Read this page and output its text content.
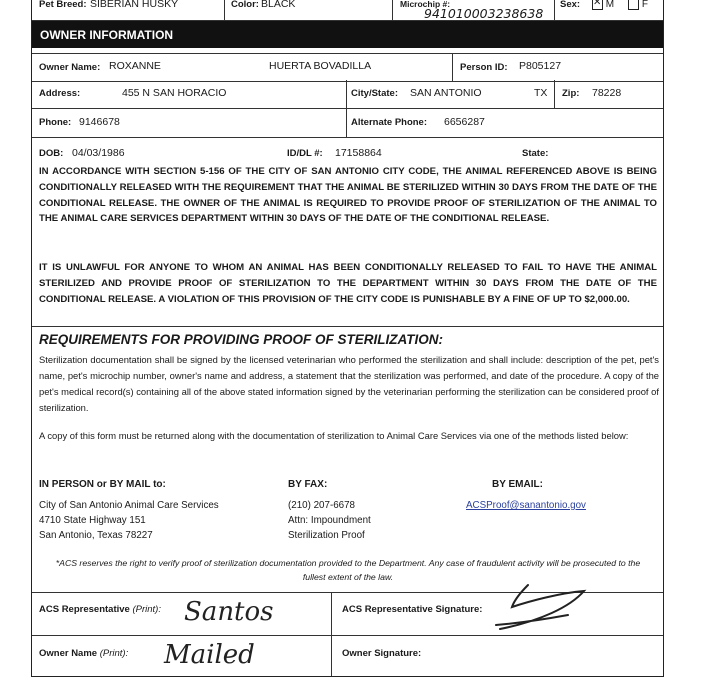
Pet Breed: SIBERIAN HUSKY	Color: BLACK	Microchip #:
941010003238638
Sex:
✕	M	F
OWNER INFORMATION
Owner Name: ROXANNE	HUERTA BOVADILLA	Person ID: P805127
Address:	455 N SAN HORACIO	City/State: SAN ANTONIO	TX Zip: 78228
Phone: 9146678	Alternate Phone: 6656287
DOB: 04/03/1986	ID/DL #: 17158864	State:
IN ACCORDANCE WITH SECTION 5-156 OF THE CITY OF SAN ANTONIO CITY CODE, THE ANIMAL REFERENCED ABOVE IS BEING CONDITIONALLY RELEASED WITH THE REQUIREMENT THAT THE ANIMAL BE STERILIZED WITHIN 30 DAYS FROM THE DATE OF THE CONDITIONAL RELEASE. THE OWNER OF THE ANIMAL IS REQUIRED TO PROVIDE PROOF OF STERILIZATION OF THE ANIMAL TO THE ANIMAL CARE SERVICES DEPARTMENT WITHIN 30 DAYS OF THE DATE OF THE CONDITIONAL RELEASE.
IT IS UNLAWFUL FOR ANYONE TO WHOM AN ANIMAL HAS BEEN CONDITIONALLY RELEASED TO FAIL TO HAVE THE ANIMAL STERILIZED AND PROVIDE PROOF OF STERILIZATION TO THE DEPARTMENT WITHIN 30 DAYS FROM THE DATE OF THE CONDITIONAL RELEASE. A VIOLATION OF THIS PROVISION OF THE CITY CODE IS PUNISHABLE BY A FINE OF UP TO $2,000.00.
REQUIREMENTS FOR PROVIDING PROOF OF STERILIZATION:
Sterilization documentation shall be signed by the licensed veterinarian who performed the sterilization and shall include: description of the pet, pet's name, pet's microchip number, owner's name and address, a statement that the sterilization was performed, and date of the procedure. A copy of the pet's medical record(s) containing all of the above stated information signed by the veterinarian performing the sterilization can be considered proof of sterilization.
A copy of this form must be returned along with the documentation of sterilization to Animal Care Services via one of the methods listed below:
IN PERSON or BY MAIL to:
City of San Antonio Animal Care Services
4710 State Highway 151
San Antonio, Texas 78227
BY FAX:
(210) 207-6678
Attn: Impoundment
Sterilization Proof
BY EMAIL:
ACSProof@sanantonio.gov
*ACS reserves the right to verify proof of sterilization documentation provided to the Department. Any case of fraudulent activity will be prosecuted to the fullest extent of the law.
ACS Representative (Print): Santos	ACS Representative Signature:
Owner Name (Print): Mailed	Owner Signature:
